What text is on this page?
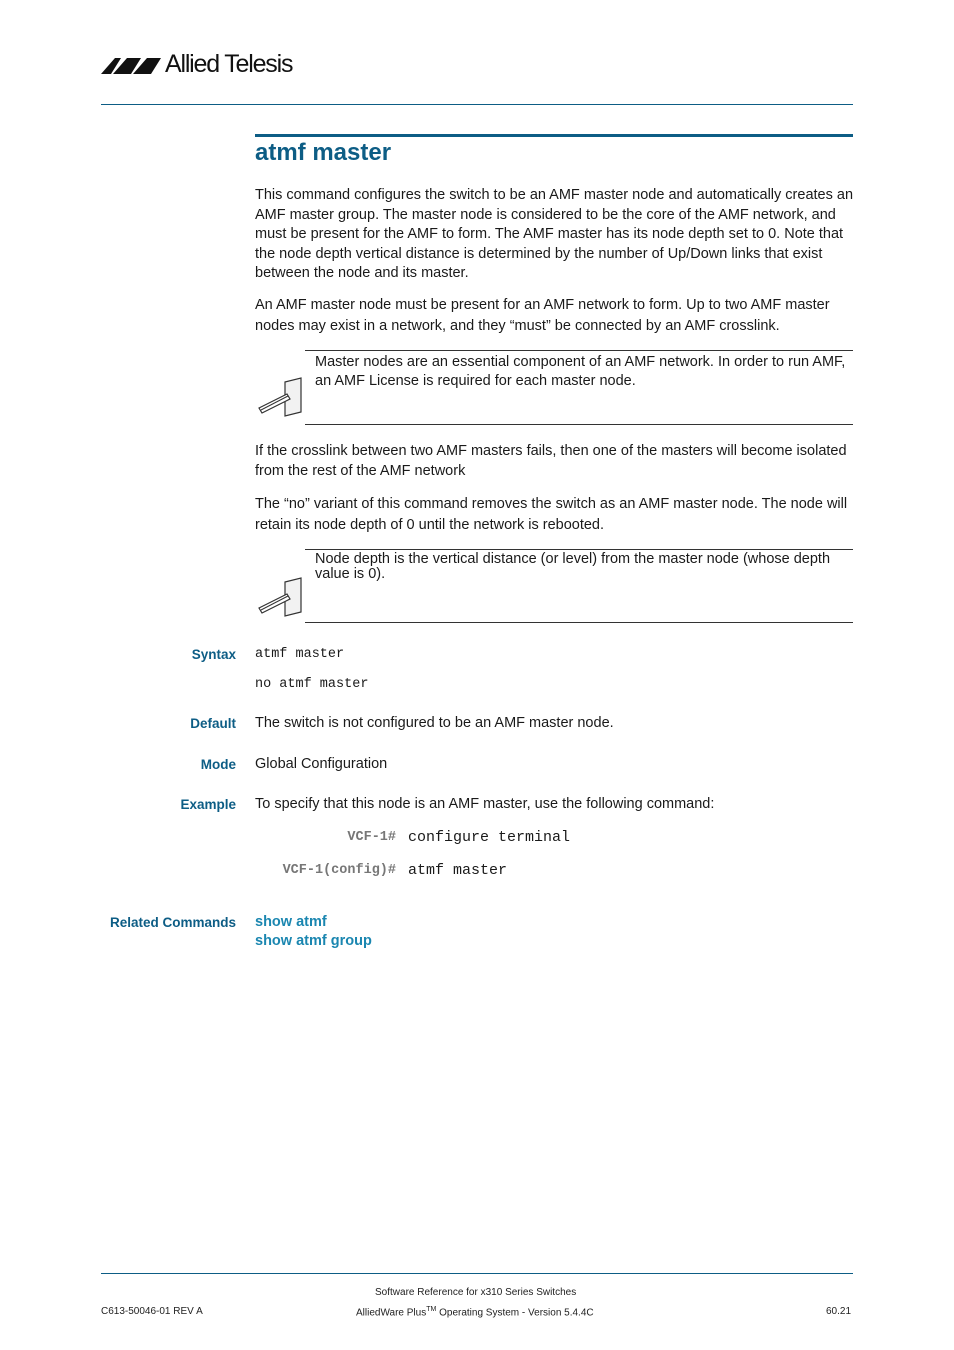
Allied Telesis
atmf master
This command configures the switch to be an AMF master node and automatically creates an AMF master group. The master node is considered to be the core of the AMF network, and must be present for the AMF to form. The AMF master has its node depth set to 0. Note that the node depth vertical distance is determined by the number of Up/Down links that exist between the node and its master.
An AMF master node must be present for an AMF network to form. Up to two AMF master nodes may exist in a network, and they “must” be connected by an AMF crosslink.
Master nodes are an essential component of an AMF network. In order to run AMF, an AMF License is required for each master node.
If the crosslink between two AMF masters fails, then one of the masters will become isolated from the rest of the AMF network
The “no” variant of this command removes the switch as an AMF master node. The node will retain its node depth of 0 until the network is rebooted.
Node depth is the vertical distance (or level) from the master node (whose depth value is 0).
Syntax atmf master
no atmf master
Default The switch is not configured to be an AMF master node.
Mode Global Configuration
Example To specify that this node is an AMF master, use the following command:
VCF-1# configure terminal
VCF-1(config)# atmf master
Related Commands show atmf
show atmf group
Software Reference for x310 Series Switches
C613-50046-01 REV A	AlliedWare Plus™ Operating System - Version 5.4.4C	60.21
